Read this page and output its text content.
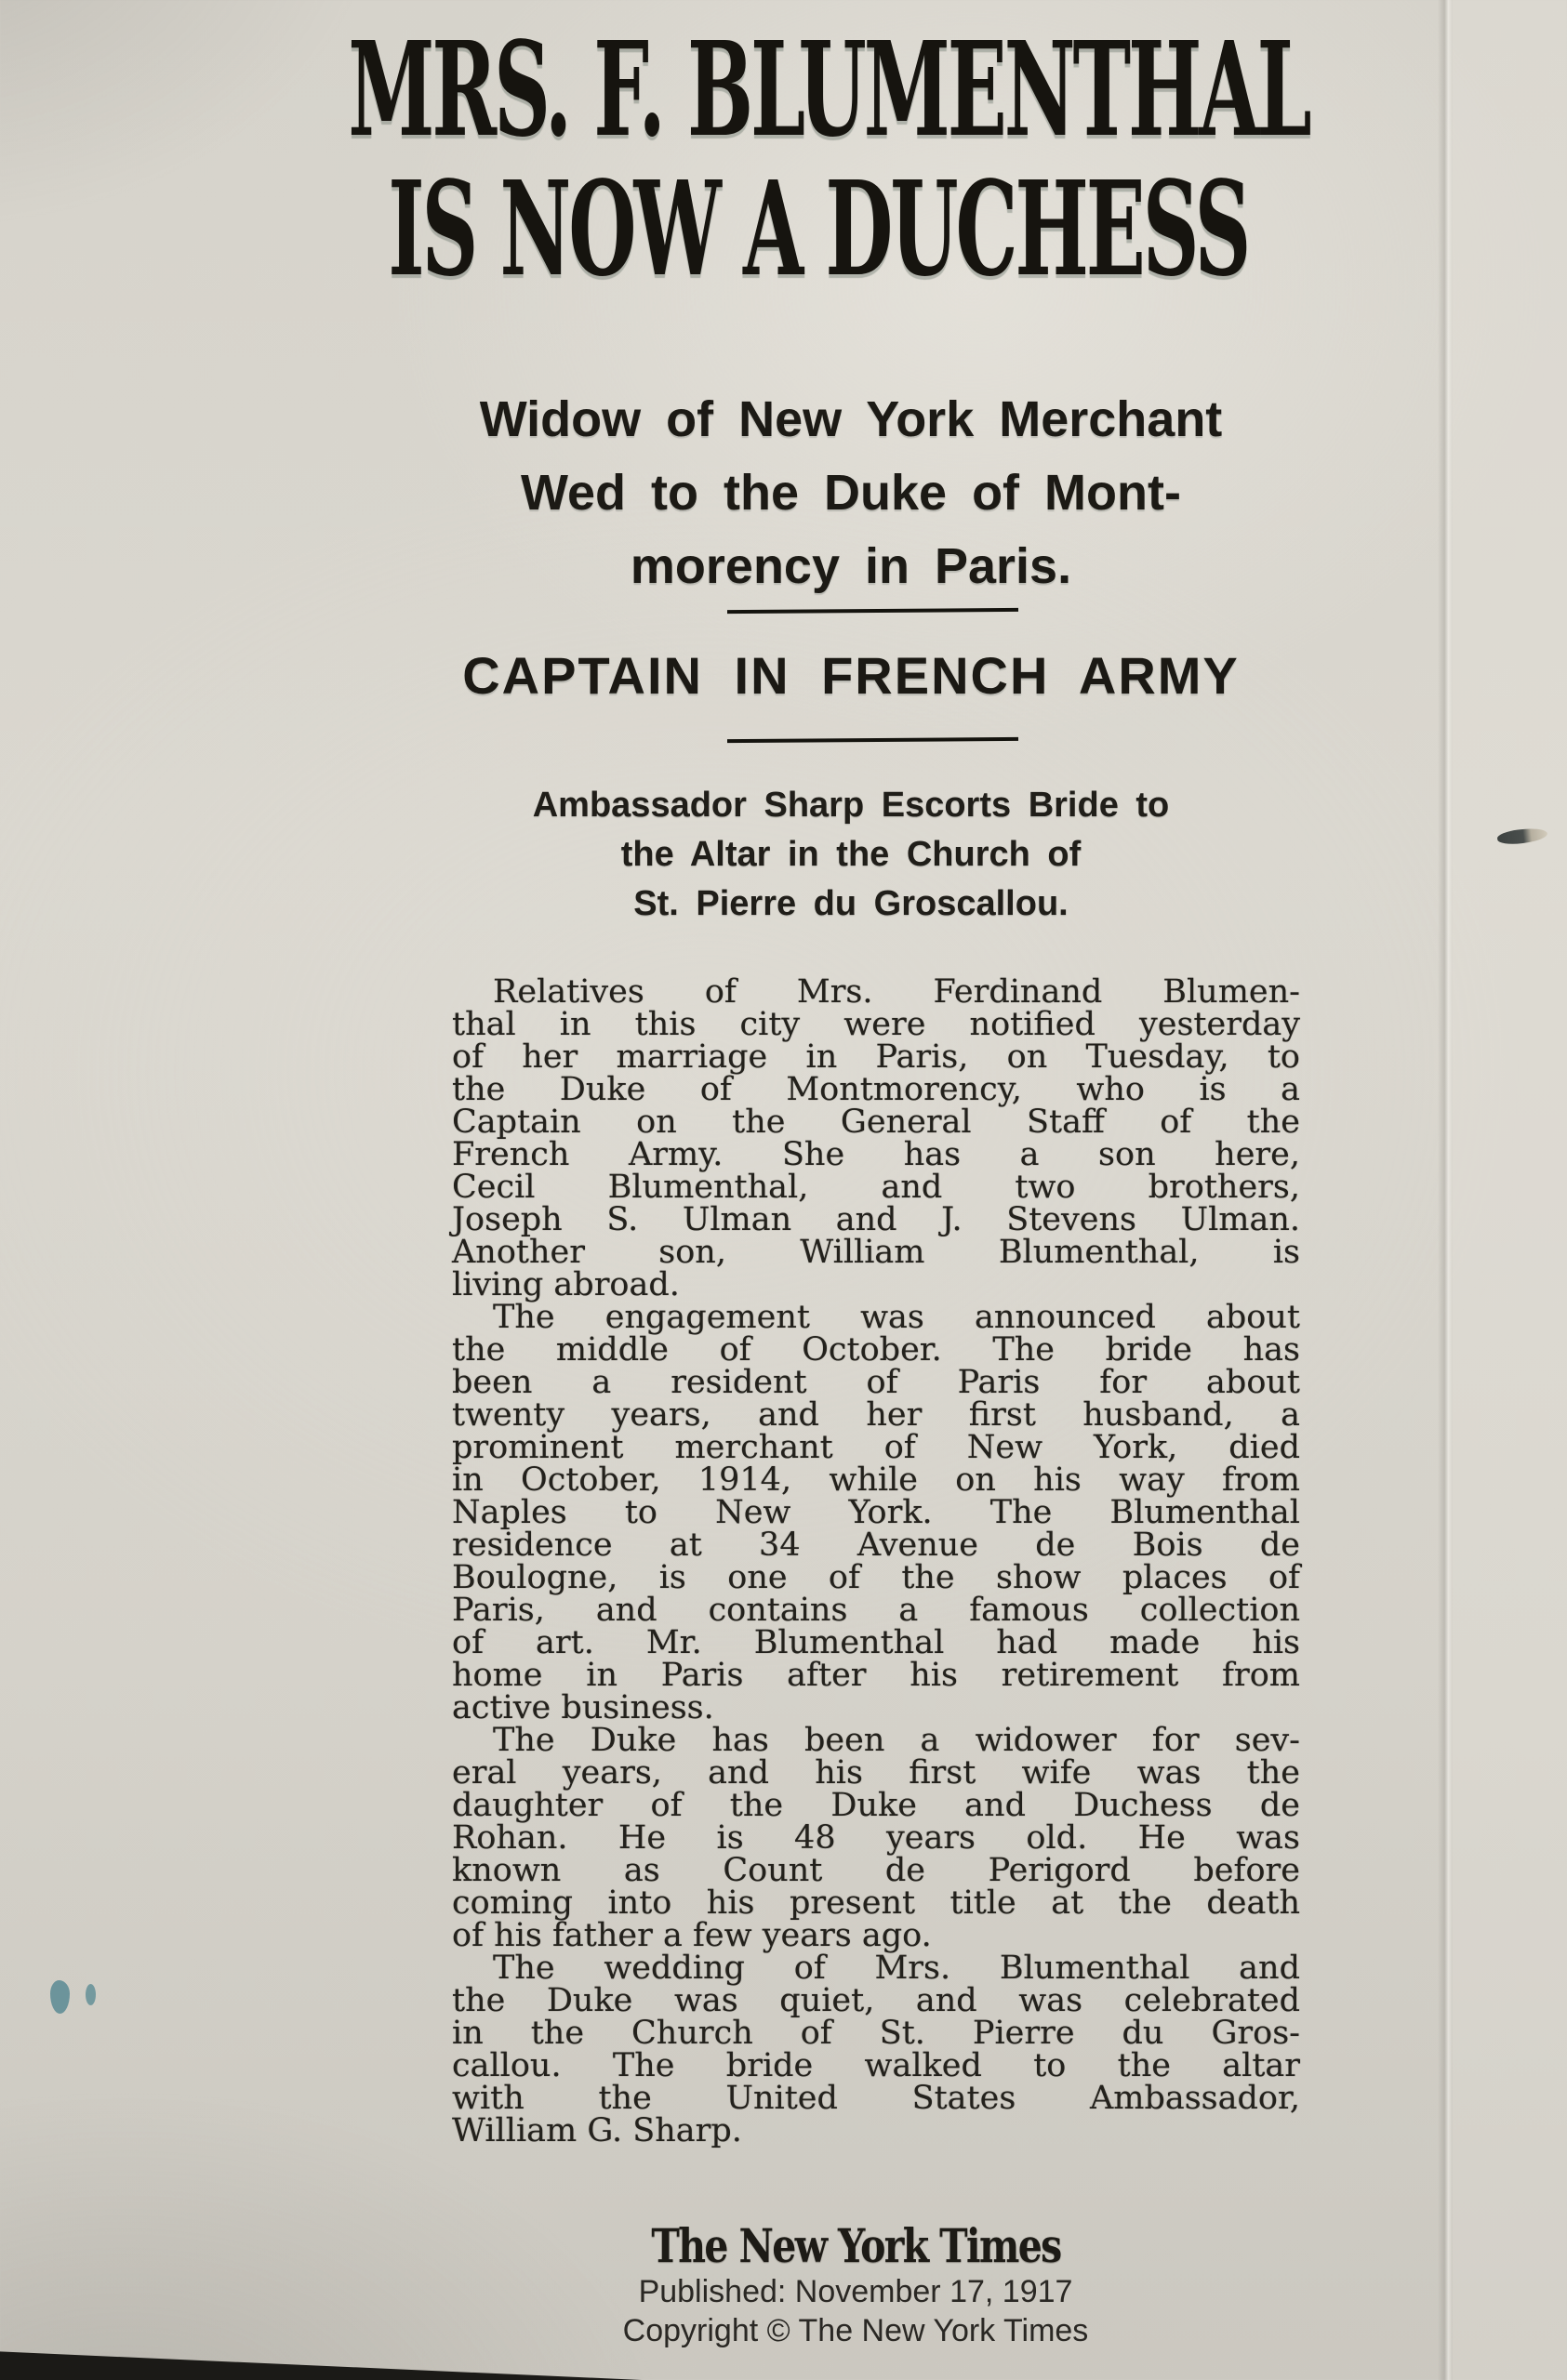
MRS. F. BLUMENTHAL
IS NOW A DUCHESS
Widow of New York Merchant
Wed to the Duke of Mont-
morency in Paris.
CAPTAIN IN FRENCH ARMY
Ambassador Sharp Escorts Bride to
the Altar in the Church of
St. Pierre du Groscallou.
Relatives of Mrs. Ferdinand Blumen-
thal in this city were notified yesterday
of her marriage in Paris, on Tuesday, to
the Duke of Montmorency, who is a
Captain on the General Staff of the
French Army. She has a son here,
Cecil Blumenthal, and two brothers,
Joseph S. Ulman and J. Stevens Ulman.
Another son, William Blumenthal, is
living abroad.
The engagement was announced about
the middle of October. The bride has
been a resident of Paris for about
twenty years, and her first husband, a
prominent merchant of New York, died
in October, 1914, while on his way from
Naples to New York. The Blumenthal
residence at 34 Avenue de Bois de
Boulogne, is one of the show places of
Paris, and contains a famous collection
of art. Mr. Blumenthal had made his
home in Paris after his retirement from
active business.
The Duke has been a widower for sev-
eral years, and his first wife was the
daughter of the Duke and Duchess de
Rohan. He is 48 years old. He was
known as Count de Perigord before
coming into his present title at the death
of his father a few years ago.
The wedding of Mrs. Blumenthal and
the Duke was quiet, and was celebrated
in the Church of St. Pierre du Gros-
callou. The bride walked to the altar
with the United States Ambassador,
William G. Sharp.
The New York Times
Published: November 17, 1917
Copyright © The New York Times
